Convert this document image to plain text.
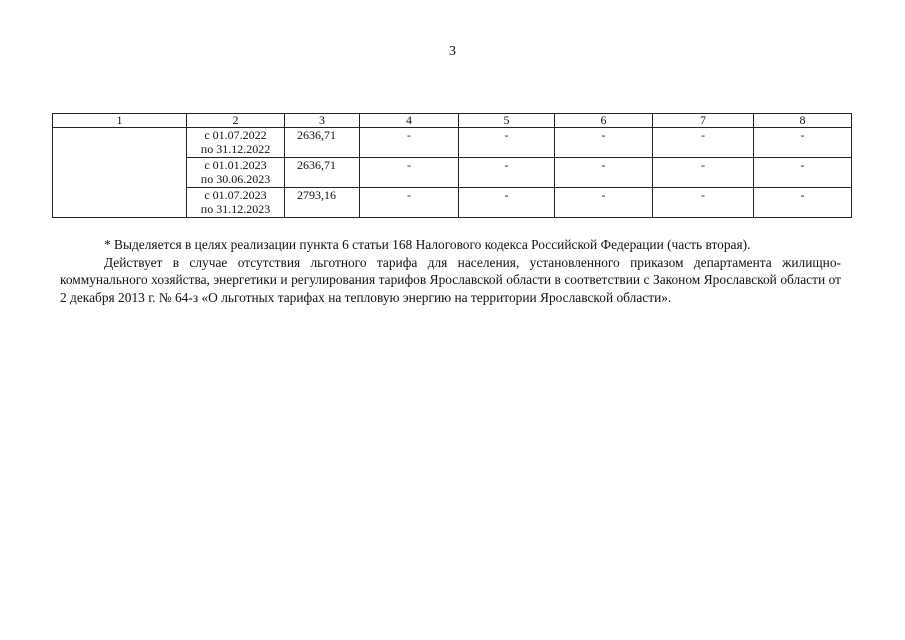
3
1	2	3	4	5	6	7	8

	с 01.07.2022
по 31.12.2022	2636,71	-	-	-	-	-

	с 01.01.2023
по 30.06.2023	2636,71	-	-	-	-	-

	с 01.07.2023
по 31.12.2023	2793,16	-	-	-	-	-

* Выделяется в целях реализации пункта 6 статьи 168 Налогового кодекса Российской Федерации (часть вторая).

Действует в случае отсутствия льготного тарифа для населения, установленного приказом департамента жилищно-коммунального хозяйства, энергетики и регулирования тарифов Ярославской области в соответствии с Законом Ярославской области от 2 декабря 2013 г. № 64-з «О льготных тарифах на тепловую энергию на территории Ярославской области».
